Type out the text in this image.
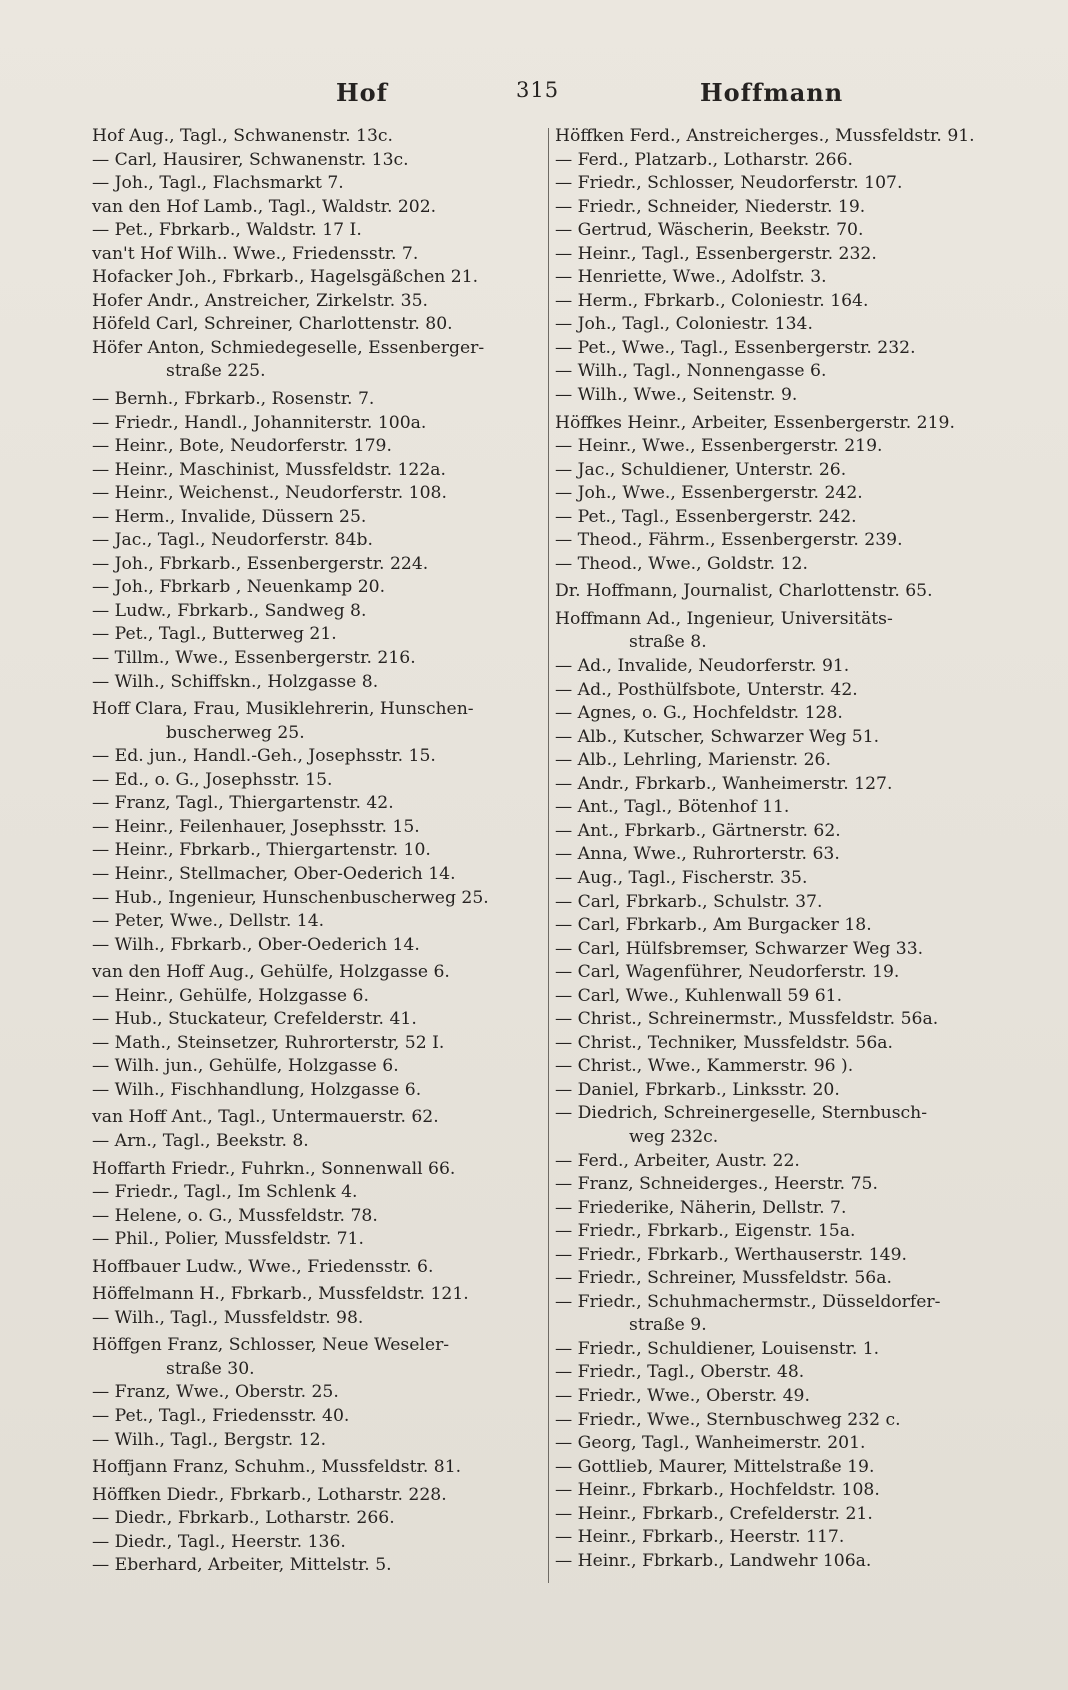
Hof	315	Hoffmann
Hof Aug., Tagl., Schwanenstr. 13c.
— Carl, Hausirer, Schwanenstr. 13c.
— Joh., Tagl., Flachsmarkt 7.
van den Hof Lamb., Tagl., Waldstr. 202.
— Pet., Fbrkarb., Waldstr. 17 I.
van't Hof Wilh.. Wwe., Friedensstr. 7.
Hofacker Joh., Fbrkarb., Hagelsgäßchen 21.
Hofer Andr., Anstreicher, Zirkelstr. 35.
Höfeld Carl, Schreiner, Charlottenstr. 80.
Höfer Anton, Schmiedegeselle, Essenberger-
straße 225.
— Bernh., Fbrkarb., Rosenstr. 7.
— Friedr., Handl., Johanniterstr. 100a.
— Heinr., Bote, Neudorferstr. 179.
— Heinr., Maschinist, Mussfeldstr. 122a.
— Heinr., Weichenst., Neudorferstr. 108.
— Herm., Invalide, Düssern 25.
— Jac., Tagl., Neudorferstr. 84b.
— Joh., Fbrkarb., Essenbergerstr. 224.
— Joh., Fbrkarb , Neuenkamp 20.
— Ludw., Fbrkarb., Sandweg 8.
— Pet., Tagl., Butterweg 21.
— Tillm., Wwe., Essenbergerstr. 216.
— Wilh., Schiffskn., Holzgasse 8.
Hoff Clara, Frau, Musiklehrerin, Hunschen-
buscherweg 25.
— Ed. jun., Handl.-Geh., Josephsstr. 15.
— Ed., o. G., Josephsstr. 15.
— Franz, Tagl., Thiergartenstr. 42.
— Heinr., Feilenhauer, Josephsstr. 15.
— Heinr., Fbrkarb., Thiergartenstr. 10.
— Heinr., Stellmacher, Ober-Oederich 14.
— Hub., Ingenieur, Hunschenbuscherweg 25.
— Peter, Wwe., Dellstr. 14.
— Wilh., Fbrkarb., Ober-Oederich 14.
van den Hoff Aug., Gehülfe, Holzgasse 6.
— Heinr., Gehülfe, Holzgasse 6.
— Hub., Stuckateur, Crefelderstr. 41.
— Math., Steinsetzer, Ruhrorterstr, 52 I.
— Wilh. jun., Gehülfe, Holzgasse 6.
— Wilh., Fischhandlung, Holzgasse 6.
van Hoff Ant., Tagl., Untermauerstr. 62.
— Arn., Tagl., Beekstr. 8.
Hoffarth Friedr., Fuhrkn., Sonnenwall 66.
— Friedr., Tagl., Im Schlenk 4.
— Helene, o. G., Mussfeldstr. 78.
— Phil., Polier, Mussfeldstr. 71.
Hoffbauer Ludw., Wwe., Friedensstr. 6.
Höffelmann H., Fbrkarb., Mussfeldstr. 121.
— Wilh., Tagl., Mussfeldstr. 98.
Höffgen Franz, Schlosser, Neue Weseler-
straße 30.
— Franz, Wwe., Oberstr. 25.
— Pet., Tagl., Friedensstr. 40.
— Wilh., Tagl., Bergstr. 12.
Hoffjann Franz, Schuhm., Mussfeldstr. 81.
Höffken Diedr., Fbrkarb., Lotharstr. 228.
— Diedr., Fbrkarb., Lotharstr. 266.
— Diedr., Tagl., Heerstr. 136.
— Eberhard, Arbeiter, Mittelstr. 5.
Höffken Ferd., Anstreicherges., Mussfeldstr. 91.
— Ferd., Platzarb., Lotharstr. 266.
— Friedr., Schlosser, Neudorferstr. 107.
— Friedr., Schneider, Niederstr. 19.
— Gertrud, Wäscherin, Beekstr. 70.
— Heinr., Tagl., Essenbergerstr. 232.
— Henriette, Wwe., Adolfstr. 3.
— Herm., Fbrkarb., Coloniestr. 164.
— Joh., Tagl., Coloniestr. 134.
— Pet., Wwe., Tagl., Essenbergerstr. 232.
— Wilh., Tagl., Nonnengasse 6.
— Wilh., Wwe., Seitenstr. 9.
Höffkes Heinr., Arbeiter, Essenbergerstr. 219.
— Heinr., Wwe., Essenbergerstr. 219.
— Jac., Schuldiener, Unterstr. 26.
— Joh., Wwe., Essenbergerstr. 242.
— Pet., Tagl., Essenbergerstr. 242.
— Theod., Fährm., Essenbergerstr. 239.
— Theod., Wwe., Goldstr. 12.
Dr. Hoffmann, Journalist, Charlottenstr. 65.
Hoffmann Ad., Ingenieur, Universitäts-
straße 8.
— Ad., Invalide, Neudorferstr. 91.
— Ad., Posthülfsbote, Unterstr. 42.
— Agnes, o. G., Hochfeldstr. 128.
— Alb., Kutscher, Schwarzer Weg 51.
— Alb., Lehrling, Marienstr. 26.
— Andr., Fbrkarb., Wanheimerstr. 127.
— Ant., Tagl., Bötenhof 11.
— Ant., Fbrkarb., Gärtnerstr. 62.
— Anna, Wwe., Ruhrorterstr. 63.
— Aug., Tagl., Fischerstr. 35.
— Carl, Fbrkarb., Schulstr. 37.
— Carl, Fbrkarb., Am Burgacker 18.
— Carl, Hülfsbremser, Schwarzer Weg 33.
— Carl, Wagenführer, Neudorferstr. 19.
— Carl, Wwe., Kuhlenwall 59 61.
— Christ., Schreinermstr., Mussfeldstr. 56a.
— Christ., Techniker, Mussfeldstr. 56a.
— Christ., Wwe., Kammerstr. 96 ).
— Daniel, Fbrkarb., Linksstr. 20.
— Diedrich, Schreinergeselle, Sternbusch-
weg 232c.
— Ferd., Arbeiter, Austr. 22.
— Franz, Schneiderges., Heerstr. 75.
— Friederike, Näherin, Dellstr. 7.
— Friedr., Fbrkarb., Eigenstr. 15a.
— Friedr., Fbrkarb., Werthauserstr. 149.
— Friedr., Schreiner, Mussfeldstr. 56a.
— Friedr., Schuhmachermstr., Düsseldorfer-
straße 9.
— Friedr., Schuldiener, Louisenstr. 1.
— Friedr., Tagl., Oberstr. 48.
— Friedr., Wwe., Oberstr. 49.
— Friedr., Wwe., Sternbuschweg 232 c.
— Georg, Tagl., Wanheimerstr. 201.
— Gottlieb, Maurer, Mittelstraße 19.
— Heinr., Fbrkarb., Hochfeldstr. 108.
— Heinr., Fbrkarb., Crefelderstr. 21.
— Heinr., Fbrkarb., Heerstr. 117.
— Heinr., Fbrkarb., Landwehr 106a.
